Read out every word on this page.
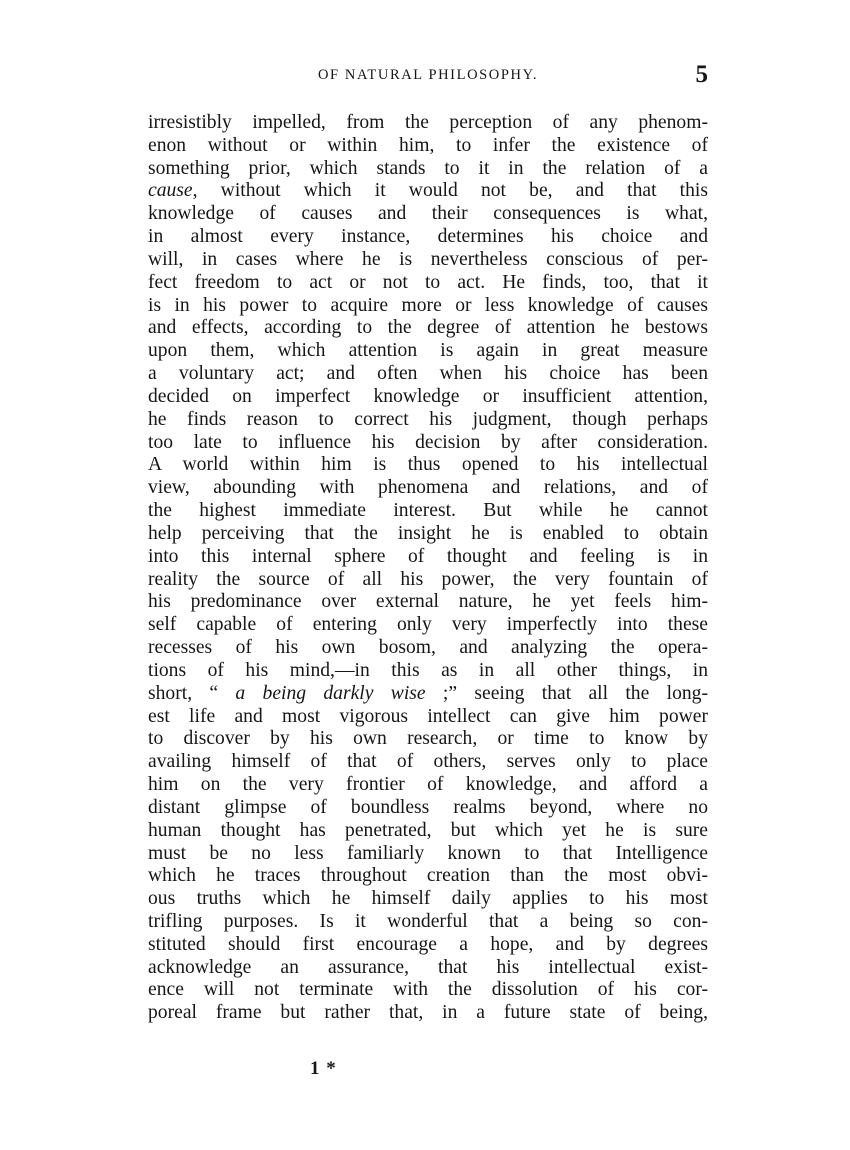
OF NATURAL PHILOSOPHY.	5
irresistibly impelled, from the perception of any phenom-
enon without or within him, to infer the existence of
something prior, which stands to it in the relation of a
cause, without which it would not be, and that this
knowledge of causes and their consequences is what,
in almost every instance, determines his choice and
will, in cases where he is nevertheless conscious of per-
fect freedom to act or not to act. He finds, too, that it
is in his power to acquire more or less knowledge of causes
and effects, according to the degree of attention he bestows
upon them, which attention is again in great measure
a voluntary act; and often when his choice has been
decided on imperfect knowledge or insufficient attention,
he finds reason to correct his judgment, though perhaps
too late to influence his decision by after consideration.
A world within him is thus opened to his intellectual
view, abounding with phenomena and relations, and of
the highest immediate interest. But while he cannot
help perceiving that the insight he is enabled to obtain
into this internal sphere of thought and feeling is in
reality the source of all his power, the very fountain of
his predominance over external nature, he yet feels him-
self capable of entering only very imperfectly into these
recesses of his own bosom, and analyzing the opera-
tions of his mind,—in this as in all other things, in
short, “ a being darkly wise ;” seeing that all the long-
est life and most vigorous intellect can give him power
to discover by his own research, or time to know by
availing himself of that of others, serves only to place
him on the very frontier of knowledge, and afford a
distant glimpse of boundless realms beyond, where no
human thought has penetrated, but which yet he is sure
must be no less familiarly known to that Intelligence
which he traces throughout creation than the most obvi-
ous truths which he himself daily applies to his most
trifling purposes. Is it wonderful that a being so con-
stituted should first encourage a hope, and by degrees
acknowledge an assurance, that his intellectual exist-
ence will not terminate with the dissolution of his cor-
poreal frame but rather that, in a future state of being,
1 *
